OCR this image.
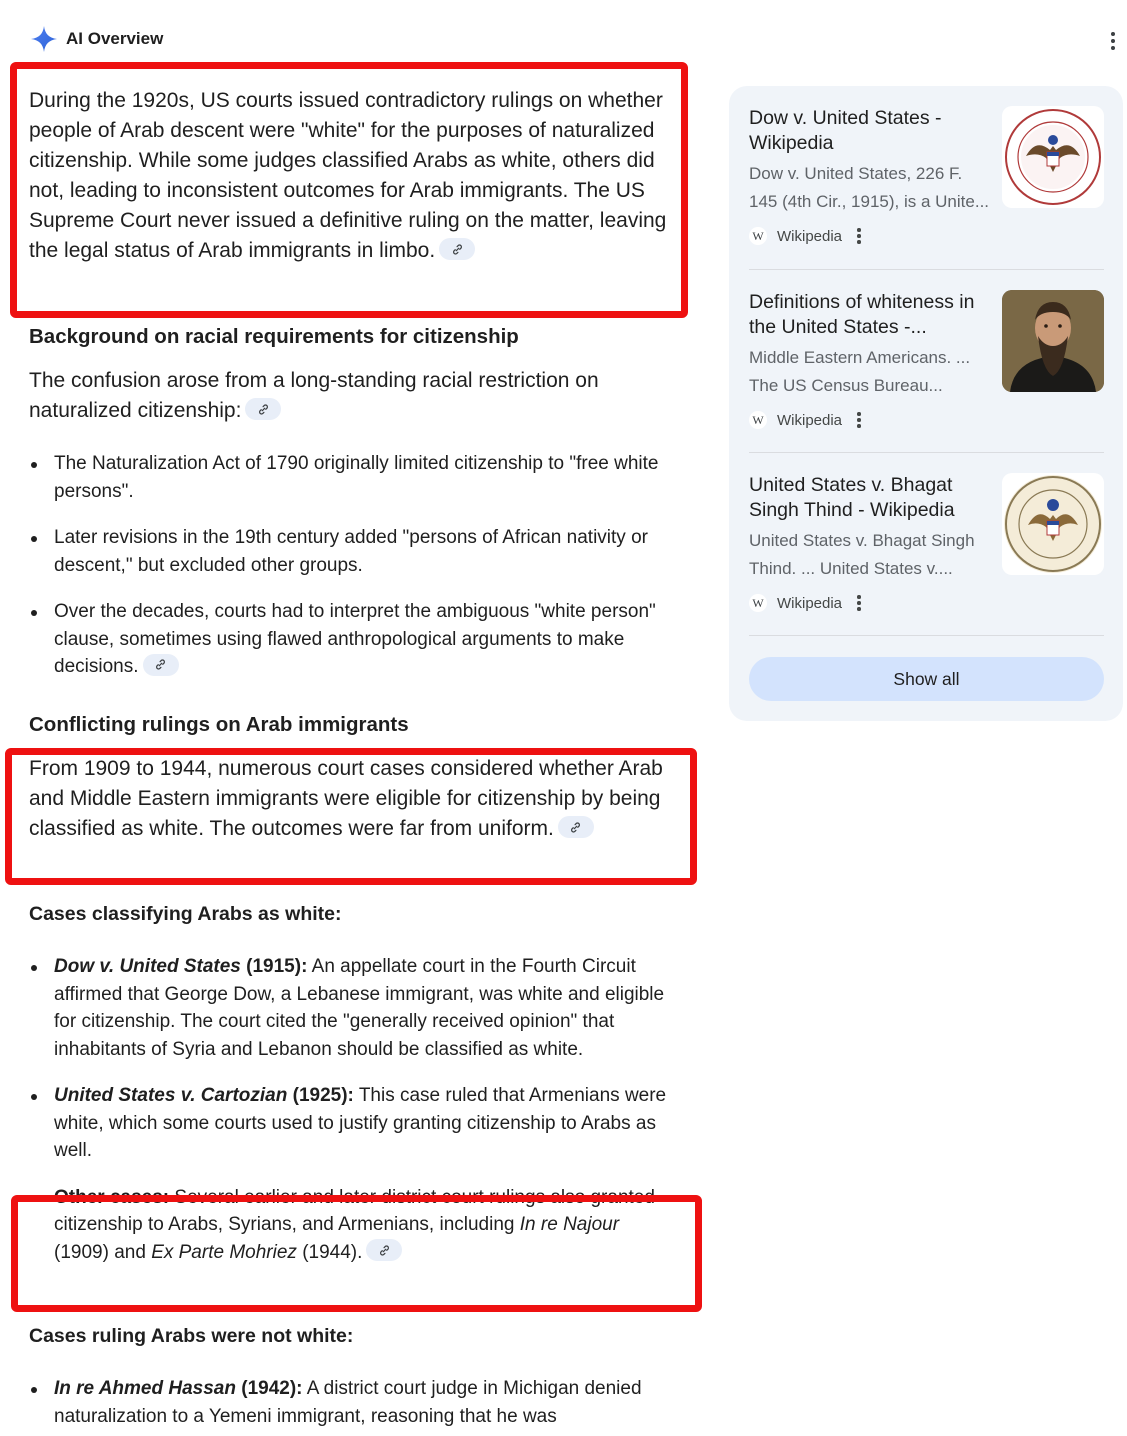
AI Overview

During the 1920s, US courts issued contradictory rulings on whether people of Arab descent were "white" for the purposes of naturalized citizenship. While some judges classified Arabs as white, others did not, leading to inconsistent outcomes for Arab immigrants. The US Supreme Court never issued a definitive ruling on the matter, leaving the legal status of Arab immigrants in limbo.

Background on racial requirements for citizenship

The confusion arose from a long-standing racial restriction on naturalized citizenship:

The Naturalization Act of 1790 originally limited citizenship to "free white persons".
Later revisions in the 19th century added "persons of African nativity or descent," but excluded other groups.
Over the decades, courts had to interpret the ambiguous "white person" clause, sometimes using flawed anthropological arguments to make decisions.
Conflicting rulings on Arab immigrants

From 1909 to 1944, numerous court cases considered whether Arab and Middle Eastern immigrants were eligible for citizenship by being classified as white. The outcomes were far from uniform.

Cases classifying Arabs as white:
Dow v. United States (1915): An appellate court in the Fourth Circuit affirmed that George Dow, a Lebanese immigrant, was white and eligible for citizenship. The court cited the "generally received opinion" that inhabitants of Syria and Lebanon should be classified as white.
United States v. Cartozian (1925): This case ruled that Armenians were white, which some courts used to justify granting citizenship to Arabs as well.
Other cases: Several earlier and later district court rulings also granted citizenship to Arabs, Syrians, and Armenians, including In re Najour (1909) and Ex Parte Mohriez (1944).
Cases ruling Arabs were not white:
In re Ahmed Hassan (1942): A district court judge in Michigan denied naturalization to a Yemeni immigrant, reasoning that he was

Dow v. United States - Wikipedia

Dow v. United States, 226 F. 145 (4th Cir., 1915), is a Unite...

W Wikipedia

Definitions of whiteness in the United States -...

Middle Eastern Americans. ... The US Census Bureau...

W Wikipedia

United States v. Bhagat Singh Thind - Wikipedia

United States v. Bhagat Singh Thind. ... United States v....

W Wikipedia
Show all
